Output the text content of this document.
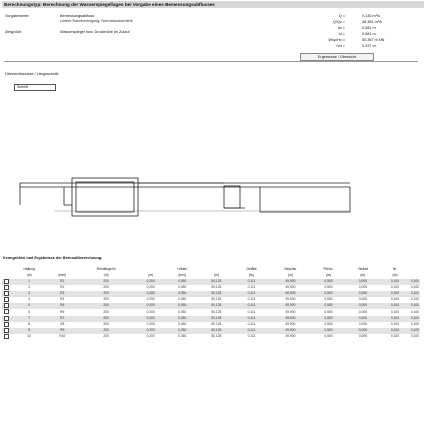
Berechnungstyp: Berechnung der Wasserspiegellagen bei Vorgabe eines Bemessungsabflusses
Vorgabewerte:	Bemessungsabfluss:
Untere Randbedingung: Normalwassertiefe
Zielgröße:	Wasserspiegel bzw. Druckhöhe im Zulauf
Q =	0,130 m³/s
Q/Qv =	48,381 m³/h
hv =	0,081 m
Io =	0,081 m
Wsp/Hv =	50,357 m NN
h/d =	0,337 m
Ergebnisse / Übersicht
Übersichtsskizze / Längsschnitt:
Schnitt
Kenngrößen und Ergebnisse der Bernoulliberechnung:
	Haltung		Rohrlänge/m		Höhen		Gefälle	Geschw.	Fließz.	Verlust	Nr.	
	(m)	(mm)	(m)	(m)	(m/s)	(m)	(‰)	(m)	(m)	(m)	(m)	
	1	R1	200	0,200	0,050	50,125	0,111	49,900	0,500	0,005	0,100	0,100
	2	R2	200	0,200	0,050	50,125	0,111	49,900	0,500	0,005	0,100	0,100
	3	R3	200	0,200	0,050	50,125	0,111	49,900	0,500	0,005	0,100	0,100
	4	R4	200	0,200	0,050	50,125	0,111	49,900	0,500	0,005	0,100	0,100
	5	R5	200	0,200	0,050	50,125	0,111	49,900	0,500	0,005	0,100	0,100
	6	R6	200	0,200	0,050	50,125	0,111	49,900	0,500	0,005	0,100	0,100
	7	R7	200	0,200	0,050	50,125	0,111	49,900	0,500	0,005	0,100	0,100
	8	R8	200	0,200	0,050	50,125	0,111	49,900	0,500	0,005	0,100	0,100
	9	R9	200	0,200	0,050	50,125	0,111	49,900	0,500	0,005	0,100	0,100
	10	R10	200	0,200	0,050	50,125	0,111	49,900	0,500	0,005	0,100	0,100
